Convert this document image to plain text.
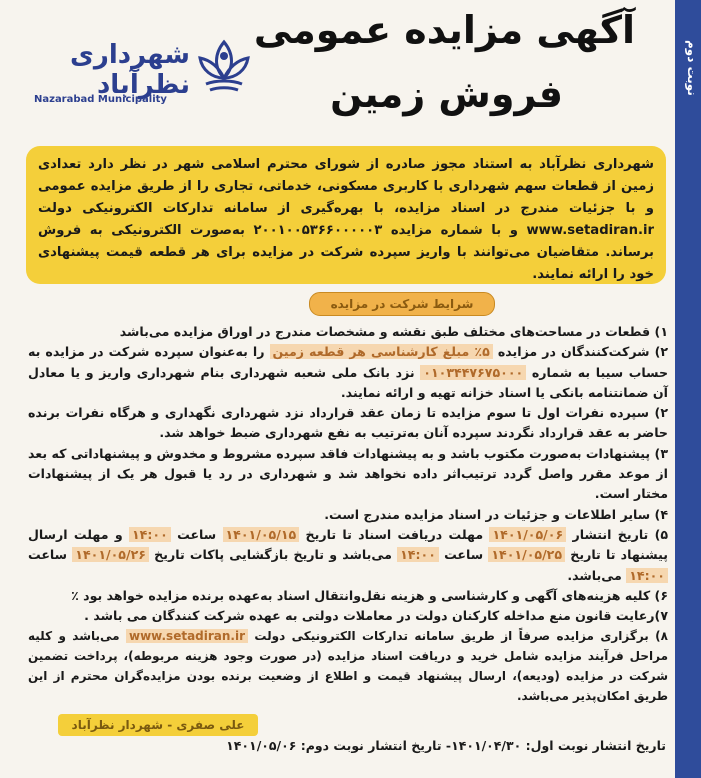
نوبت دوم
آگهی مزایده عمومی
فروش زمین
شهرداری نظرآباد
Nazarabad Municipality
شهرداری نظرآباد به استناد مجوز صادره از شورای محترم اسلامی شهر در نظر دارد تعدادی زمین از قطعات سهم شهرداری با کاربری مسکونی، خدماتی، تجاری را از طریق مزایده عمومی و با جزئیات مندرج در اسناد مزایده، با بهره‌گیری از سامانه تدارکات الکترونیکی دولت www.setadiran.ir و با شماره مزایده ۲۰۰۱۰۰۵۳۶۶۰۰۰۰۰۳ به‌صورت الکترونیکی به فروش برساند. متقاضیان می‌توانند با واریز سپرده شرکت در مزایده برای هر قطعه قیمت پیشنهادی خود را ارائه نمایند.
شرایط شرکت در مزایده

۱) قطعات در مساحت‌های مختلف طبق نقشه و مشخصات مندرج در اوراق مزایده می‌باشد

۲) شرکت‌کنندگان در مزایده ۵٪ مبلغ کارشناسی هر قطعه زمین را به‌عنوان سپرده شرکت در مزایده به حساب سیبا به شماره ۰۱۰۳۴۴۷۶۷۵۰۰۰ نزد بانک ملی شعبه شهرداری بنام شهرداری واریز و یا معادل آن ضمانتنامه بانکی یا اسناد خزانه تهیه و ارائه نمایند.

۲) سپرده نفرات اول تا سوم مزایده تا زمان عقد قرارداد نزد شهرداری نگهداری و هرگاه نفرات برنده حاضر به عقد قرارداد نگردند سپرده آنان به‌ترتیب به نفع شهرداری ضبط خواهد شد.

۳) پیشنهادات به‌صورت مکتوب باشد و به پیشنهادات فاقد سپرده مشروط و مخدوش و پیشنهاداتی که بعد از موعد مقرر واصل گردد ترتیب‌اثر داده نخواهد شد و شهرداری در رد یا قبول هر یک از پیشنهادات مختار است.

۴) سایر اطلاعات و جزئیات در اسناد مزایده مندرج است.

۵) تاریخ انتشار ۱۴۰۱/۰۵/۰۶ مهلت دریافت اسناد تا تاریخ ۱۴۰۱/۰۵/۱۵ ساعت ۱۴:۰۰ و مهلت ارسال پیشنهاد تا تاریخ ۱۴۰۱/۰۵/۲۵ ساعت ۱۴:۰۰ می‌باشد و تاریخ بازگشایی پاکات تاریخ ۱۴۰۱/۰۵/۲۶ ساعت ۱۴:۰۰ می‌باشد.

۶) کلیه هزینه‌های آگهی و کارشناسی و هزینه نقل‌وانتقال اسناد به‌عهده برنده مزایده خواهد بود ٪

۷)رعایت قانون منع مداخله کارکنان دولت در معاملات دولتی به عهده شرکت کنندگان می باشد .

۸) برگزاری مزایده صرفاً از طریق سامانه تدارکات الکترونیکی دولت www.setadiran.ir می‌باشد و کلیه مراحل فرآیند مزایده شامل خرید و دریافت اسناد مزایده (در صورت وجود هزینه مربوطه)، پرداخت تضمین شرکت در مزایده (ودیعه)، ارسال پیشنهاد قیمت و اطلاع از وضعیت برنده بودن مزایده‌گران محترم از این طریق امکان‌پذیر می‌باشد.

علی صفری - شهردار نظرآباد
تاریخ انتشار نوبت اول: ۱۴۰۱/۰۴/۳۰- تاریخ انتشار نوبت دوم: ۱۴۰۱/۰۵/۰۶
